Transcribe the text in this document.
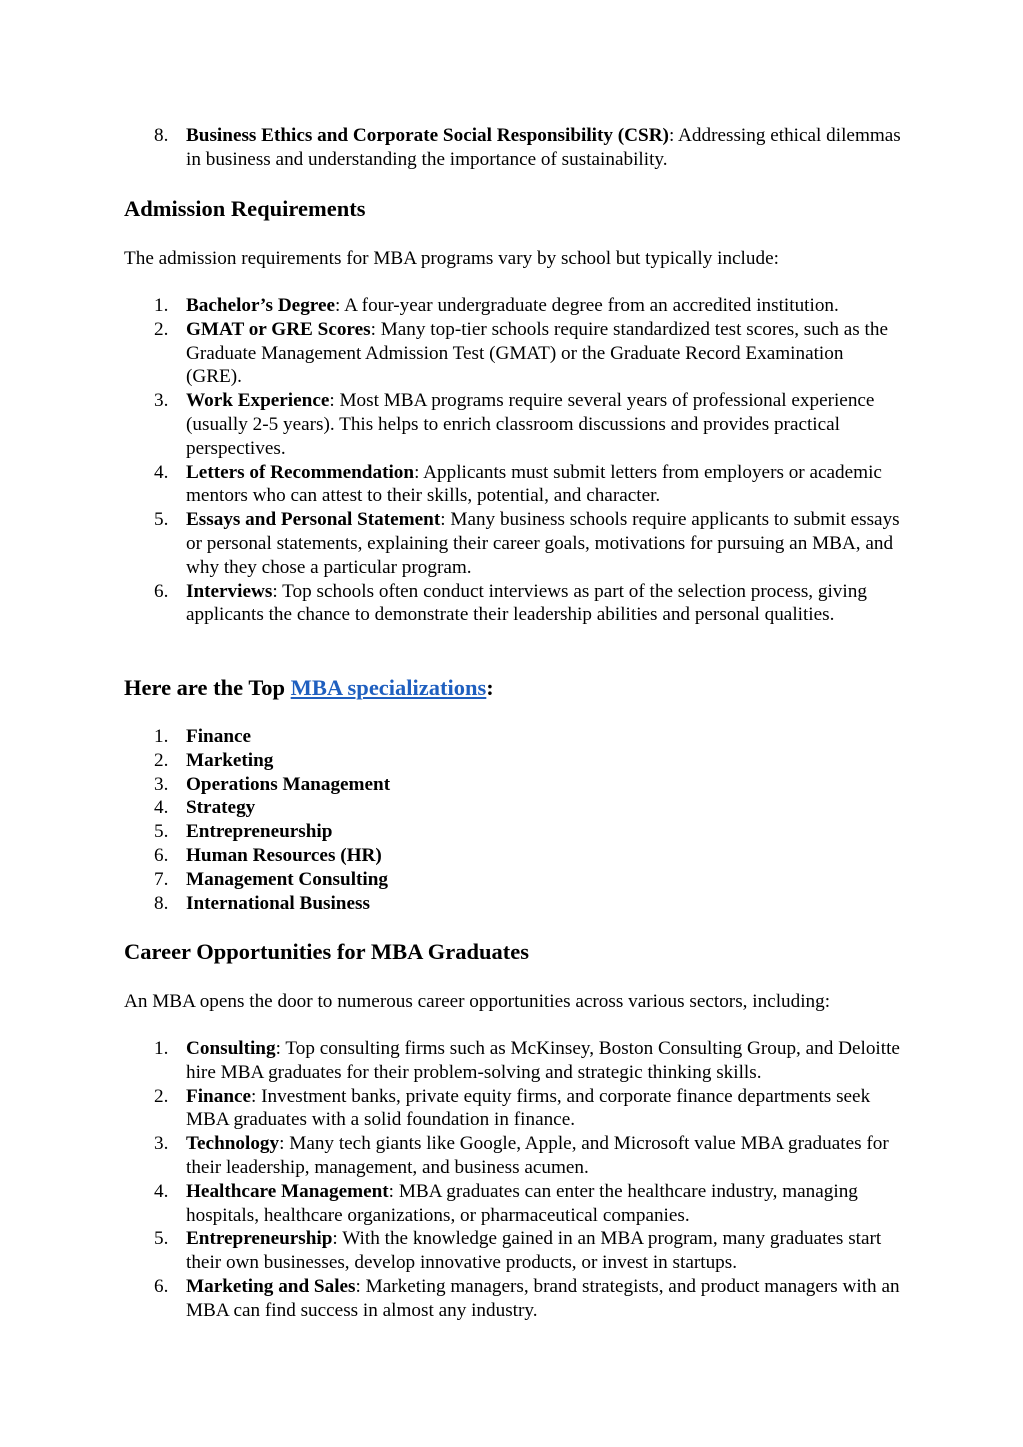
8. Business Ethics and Corporate Social Responsibility (CSR): Addressing ethical dilemmas in business and understanding the importance of sustainability.
Admission Requirements

The admission requirements for MBA programs vary by school but typically include:

1. Bachelor’s Degree: A four-year undergraduate degree from an accredited institution.
2. GMAT or GRE Scores: Many top-tier schools require standardized test scores, such as the Graduate Management Admission Test (GMAT) or the Graduate Record Examination (GRE).
3. Work Experience: Most MBA programs require several years of professional experience (usually 2-5 years). This helps to enrich classroom discussions and provides practical perspectives.
4. Letters of Recommendation: Applicants must submit letters from employers or academic mentors who can attest to their skills, potential, and character.
5. Essays and Personal Statement: Many business schools require applicants to submit essays or personal statements, explaining their career goals, motivations for pursuing an MBA, and why they chose a particular program.
6. Interviews: Top schools often conduct interviews as part of the selection process, giving applicants the chance to demonstrate their leadership abilities and personal qualities.
Here are the Top MBA specializations:
1. Finance
2. Marketing
3. Operations Management
4. Strategy
5. Entrepreneurship
6. Human Resources (HR)
7. Management Consulting
8. International Business
Career Opportunities for MBA Graduates

An MBA opens the door to numerous career opportunities across various sectors, including:

1. Consulting: Top consulting firms such as McKinsey, Boston Consulting Group, and Deloitte hire MBA graduates for their problem-solving and strategic thinking skills.
2. Finance: Investment banks, private equity firms, and corporate finance departments seek MBA graduates with a solid foundation in finance.
3. Technology: Many tech giants like Google, Apple, and Microsoft value MBA graduates for their leadership, management, and business acumen.
4. Healthcare Management: MBA graduates can enter the healthcare industry, managing hospitals, healthcare organizations, or pharmaceutical companies.
5. Entrepreneurship: With the knowledge gained in an MBA program, many graduates start their own businesses, develop innovative products, or invest in startups.
6. Marketing and Sales: Marketing managers, brand strategists, and product managers with an MBA can find success in almost any industry.
